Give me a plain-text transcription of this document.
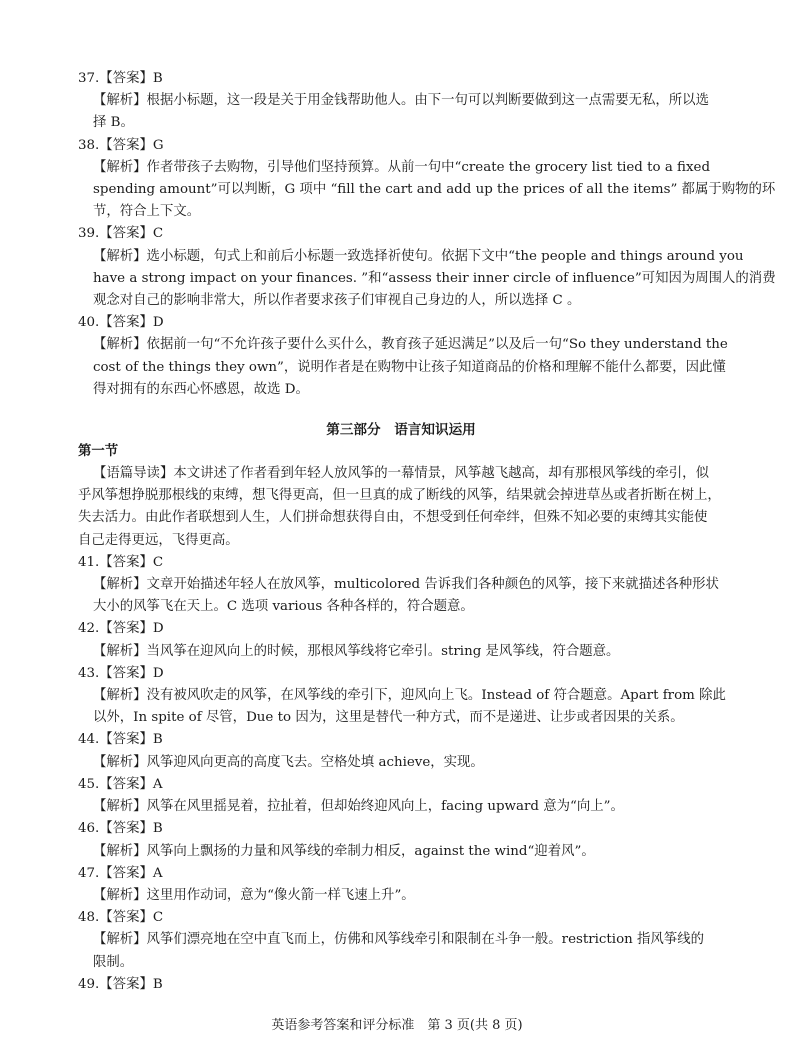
37.【答案】B
【解析】根据小标题，这一段是关于用金钱帮助他人。由下一句可以判断要做到这一点需要无私，所以选
择 B。
38.【答案】G
【解析】作者带孩子去购物，引导他们坚持预算。从前一句中“create the grocery list tied to a fixed
spending amount”可以判断，G 项中 “fill the cart and add up the prices of all the items” 都属于购物的环
节，符合上下文。
39.【答案】C
【解析】选小标题，句式上和前后小标题一致选择祈使句。依据下文中“the people and things around you
have a strong impact on your finances. ”和“assess their inner circle of influence”可知因为周围人的消费
观念对自己的影响非常大，所以作者要求孩子们审视自己身边的人，所以选择 C 。
40.【答案】D
【解析】依据前一句“不允许孩子要什么买什么，教育孩子延迟满足”以及后一句“So they understand the
cost of the things they own”，说明作者是在购物中让孩子知道商品的价格和理解不能什么都要，因此懂
得对拥有的东西心怀感恩，故选 D。
第三部分　语言知识运用
第一节
【语篇导读】本文讲述了作者看到年轻人放风筝的一幕情景，风筝越飞越高，却有那根风筝线的牵引，似
乎风筝想挣脱那根线的束缚，想飞得更高，但一旦真的成了断线的风筝，结果就会掉进草丛或者折断在树上，
失去活力。由此作者联想到人生，人们拼命想获得自由，不想受到任何牵绊，但殊不知必要的束缚其实能使
自己走得更远，飞得更高。
41.【答案】C
【解析】文章开始描述年轻人在放风筝，multicolored 告诉我们各种颜色的风筝，接下来就描述各种形状
大小的风筝飞在天上。C 选项 various 各种各样的，符合题意。
42.【答案】D
【解析】当风筝在迎风向上的时候，那根风筝线将它牵引。string 是风筝线，符合题意。
43.【答案】D
【解析】没有被风吹走的风筝，在风筝线的牵引下，迎风向上飞。Instead of 符合题意。Apart from 除此
以外，In spite of 尽管，Due to 因为，这里是替代一种方式，而不是递进、让步或者因果的关系。
44.【答案】B
【解析】风筝迎风向更高的高度飞去。空格处填 achieve，实现。
45.【答案】A
【解析】风筝在风里摇晃着，拉扯着，但却始终迎风向上，facing upward 意为“向上”。
46.【答案】B
【解析】风筝向上飘扬的力量和风筝线的牵制力相反，against the wind“迎着风”。
47.【答案】A
【解析】这里用作动词，意为“像火箭一样飞速上升”。
48.【答案】C
【解析】风筝们漂亮地在空中直飞而上，仿佛和风筝线牵引和限制在斗争一般。restriction 指风筝线的
限制。
49.【答案】B
英语参考答案和评分标准　第 3 页(共 8 页)
